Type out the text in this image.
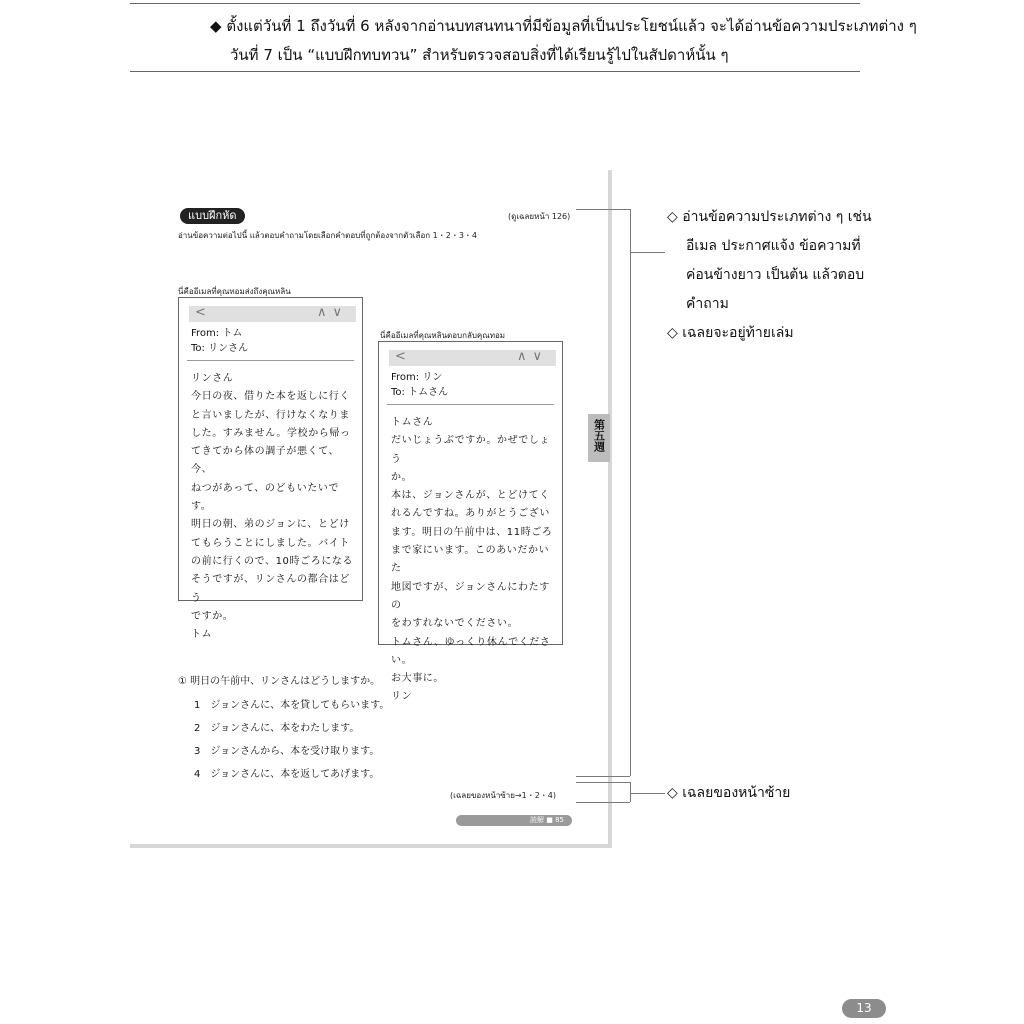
◆ ตั้งแต่วันที่ 1 ถึงวันที่ 6 หลังจากอ่านบทสนทนาที่มีข้อมูลที่เป็นประโยชน์แล้ว จะได้อ่านข้อความประเภทต่าง ๆ
วันที่ 7 เป็น “แบบฝึกทบทวน” สำหรับตรวจสอบสิ่งที่ได้เรียนรู้ไปในสัปดาห์นั้น ๆ
แบบฝึกหัด	(ดูเฉลยหน้า 126)
อ่านข้อความต่อไปนี้ แล้วตอบคำถามโดยเลือกคำตอบที่ถูกต้องจากตัวเลือก 1・2・3・4
第五週
นี่คืออีเมลที่คุณทอมส่งถึงคุณหลิน
<	∧∨
From: トム
To: リンさん
リンさん
今日の夜、借りた本を返しに行く
と言いましたが、行けなくなりま
した。すみません。学校から帰っ
てきてから体の調子が悪くて、今、
ねつがあって、のどもいたいです。
明日の朝、弟のジョンに、とどけ
てもらうことにしました。バイト
の前に行くので、10時ごろになる
そうですが、リンさんの都合はどう
ですか。
トム
นี่คืออีเมลที่คุณหลินตอบกลับคุณทอม
<	∧∨
From: リン
To: トムさん
トムさん
だいじょうぶですか。かぜでしょう
か。
本は、ジョンさんが、とどけてく
れるんですね。ありがとうござい
ます。明日の午前中は、11時ごろ
まで家にいます。このあいだかいた
地図ですが、ジョンさんにわたすの
をわすれないでください。
トムさん、ゆっくり休んでください。
お大事に。
リン
① 明日の午前中、リンさんはどうしますか。
1　ジョンさんに、本を貸してもらいます。
2　ジョンさんに、本をわたします。
3　ジョンさんから、本を受け取ります。
4　ジョンさんに、本を返してあげます。
(เฉลยของหน้าซ้าย→1・2・4)
読解 ■ 85
◇ อ่านข้อความประเภทต่าง ๆ เช่น
อีเมล ประกาศแจ้ง ข้อความที่
ค่อนข้างยาว เป็นต้น แล้วตอบ
คำถาม
◇ เฉลยจะอยู่ท้ายเล่ม
◇ เฉลยของหน้าซ้าย
13
